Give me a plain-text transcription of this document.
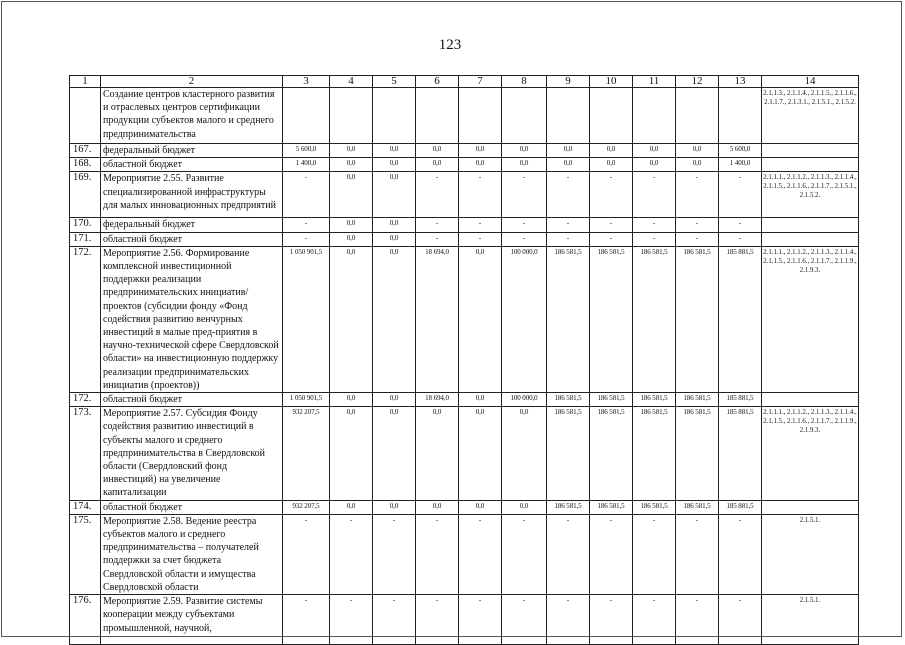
123
1	2	3	4	5	6	7	8	9	10	11	12	13	14
	Создание центров кластерного развития и отраслевых центров сертификации продукции субъектов малого и среднего предпринимательства												2.1.1.3., 2.1.1.4., 2.1.1.5., 2.1.1.6., 2.1.1.7., 2.1.3.1., 2.1.5.1., 2.1.5.2.
167.	федеральный бюджет	5 600,0	0,0	0,0	0,0	0,0	0,0	0,0	0,0	0,0	0,0	5 600,0	
168.	областной бюджет	1 400,0	0,0	0,0	0,0	0,0	0,0	0,0	0,0	0,0	0,0	1 400,0	
169.	Мероприятие 2.55. Развитие специализированной инфраструктуры для малых инновационных предприятий	-	0,0	0,0	-	-	-	-	-	-	-	-	2.1.1.1., 2.1.1.2., 2.1.1.3., 2.1.1.4., 2.1.1.5., 2.1.1.6., 2.1.1.7., 2.1.5.1., 2.1.5.2.
170.	федеральный бюджет	-	0,0	0,0	-	-	-	-	-	-	-	-	
171.	областной бюджет	-	0,0	0,0	-	-	-	-	-	-	-	-	
172.	Мероприятие 2.56. Формирование комплексной инвестиционной поддержки реализации предпринимательских инициатив/проектов (субсидии фонду «Фонд содействия развитию венчурных инвестиций в малые пред-приятия в научно-технической сфере Свердловской области» на инвестиционную поддержку реализации предпринимательских инициатив (проектов))	1 050 901,5	0,0	0,0	18 694,0	0,0	100 000,0	186 581,5	186 581,5	186 581,5	186 581,5	185 881,5	2.1.1.1., 2.1.1.2., 2.1.1.3., 2.1.1.4., 2.1.1.5., 2.1.1.6., 2.1.1.7., 2.1.1.9., 2.1.9.3.
172.	областной бюджет	1 050 901,5	0,0	0,0	18 694,0	0,0	100 000,0	186 581,5	186 581,5	186 581,5	186 581,5	185 881,5	
173.	Мероприятие 2.57. Субсидия Фонду содействия развитию инвестиций в субъекты малого и среднего предпринимательства в Свердловской области (Свердловский фонд инвестиций) на увеличение капитализации	932 207,5	0,0	0,0	0,0	0,0	0,0	186 581,5	186 581,5	186 581,5	186 581,5	185 881,5	2.1.1.1., 2.1.1.2., 2.1.1.3., 2.1.1.4., 2.1.1.5., 2.1.1.6., 2.1.1.7., 2.1.1.9., 2.1.9.3.
174.	областной бюджет	932 207,5	0,0	0,0	0,0	0,0	0,0	186 581,5	186 581,5	186 581,5	186 581,5	185 881,5	
175.	Мероприятие 2.58. Ведение реестра субъектов малого и среднего предпринимательства – получателей поддержки за счет бюджета Свердловской области и имущества Свердловской области	-	-	-	-	-	-	-	-	-	-	-	2.1.5.1.
176.	Мероприятие 2.59. Развитие системы кооперации между субъектами промышленной, научной,	-	-	-	-	-	-	-	-	-	-	-	2.1.5.1.
